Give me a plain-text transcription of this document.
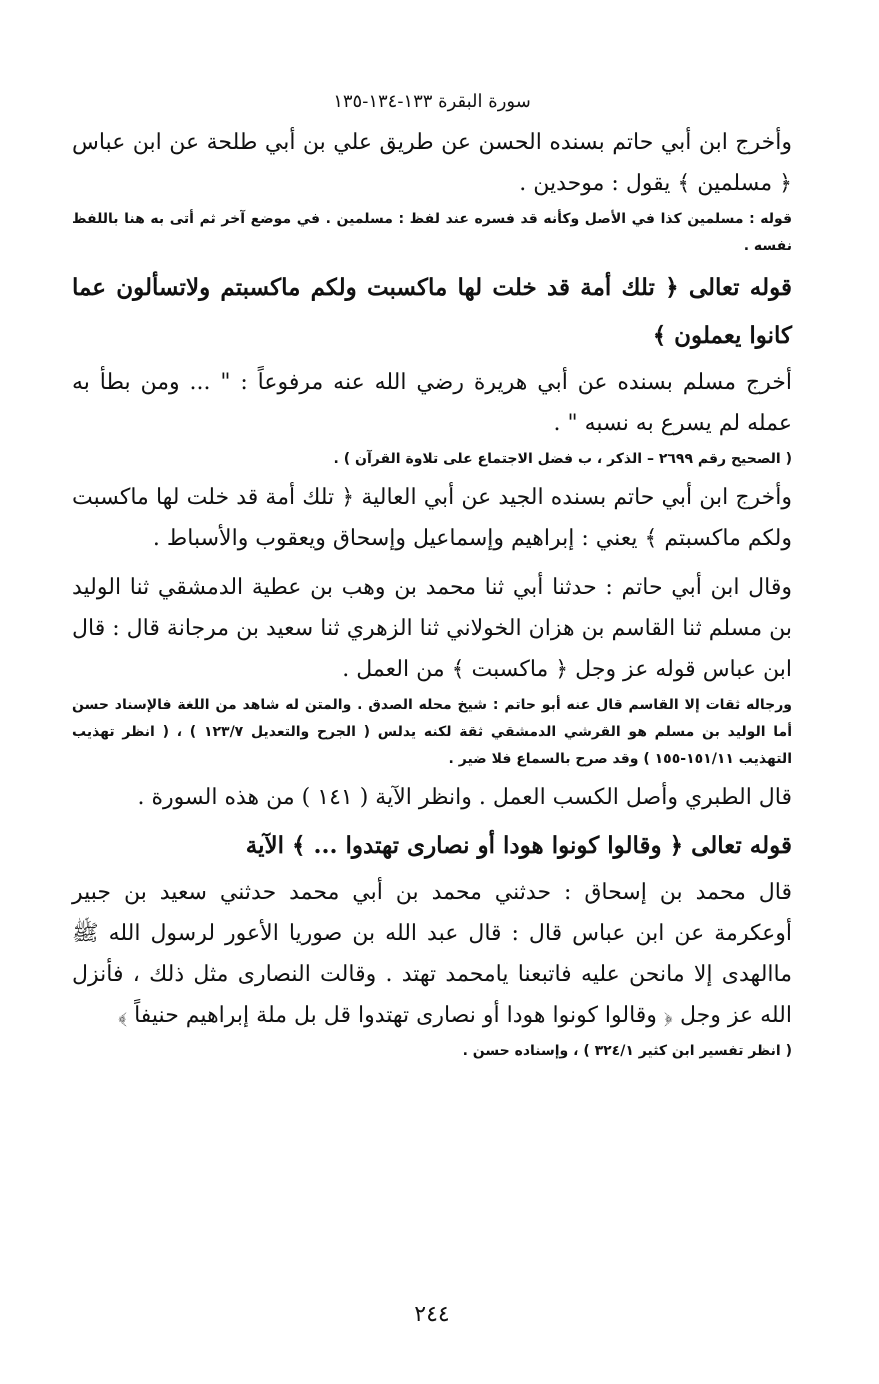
سورة البقرة ١٣٣-١٣٤-١٣٥

وأخرج ابن أبي حاتم بسنده الحسن عن طريق علي بن أبي طلحة عن ابن عباس ﴿ مسلمين ﴾ يقول : موحدين .

قوله : مسلمين كذا في الأصل وكأنه قد فسره عند لفظ : مسلمين . في موضع آخر ثم أتى به هنا باللفظ نفسه .
قوله تعالى ﴿ تلك أمة قد خلت لها ماكسبت ولكم ماكسبتم ولاتسألون عما كانوا يعملون ﴾

أخرج مسلم بسنده عن أبي هريرة رضي الله عنه مرفوعاً : " ... ومن بطأ به عمله لم يسرع به نسبه " .

( الصحيح رقم ٢٦٩٩ – الذكر ، ب فضل الاجتماع على تلاوة القرآن ) .

وأخرج ابن أبي حاتم بسنده الجيد عن أبي العالية ﴿ تلك أمة قد خلت لها ماكسبت ولكم ماكسبتم ﴾ يعني : إبراهيم وإسماعيل وإسحاق ويعقوب والأسباط .

وقال ابن أبي حاتم : حدثنا أبي ثنا محمد بن وهب بن عطية الدمشقي ثنا الوليد بن مسلم ثنا القاسم بن هزان الخولاني ثنا الزهري ثنا سعيد بن مرجانة قال : قال ابن عباس قوله عز وجل ﴿ ماكسبت ﴾ من العمل .

ورجاله ثقات إلا القاسم قال عنه أبو حاتم : شيخ محله الصدق . والمتن له شاهد من اللغة فالإسناد حسن أما الوليد بن مسلم هو القرشي الدمشقي ثقة لكنه يدلس ( الجرح والتعديل ١٢٣/٧ ) ، ( انظر تهذيب التهذيب ١٥١/١١-١٥٥ ) وقد صرح بالسماع فلا ضير .

قال الطبري وأصل الكسب العمل . وانظر الآية ( ١٤١ ) من هذه السورة .

قوله تعالى ﴿ وقالوا كونوا هودا أو نصارى تهتدوا ... ﴾ الآية

قال محمد بن إسحاق : حدثني محمد بن أبي محمد حدثني سعيد بن جبير أوعكرمة عن ابن عباس قال : قال عبد الله بن صوريا الأعور لرسول الله ﷺ ماالهدى إلا مانحن عليه فاتبعنا يامحمد تهتد . وقالت النصارى مثل ذلك ، فأنزل الله عز وجل ﴿ وقالوا كونوا هودا أو نصارى تهتدوا قل بل ملة إبراهيم حنيفاً ﴾

( انظر تفسير ابن كثير ٣٢٤/١ ) ، وإسناده حسن .
٢٤٤
